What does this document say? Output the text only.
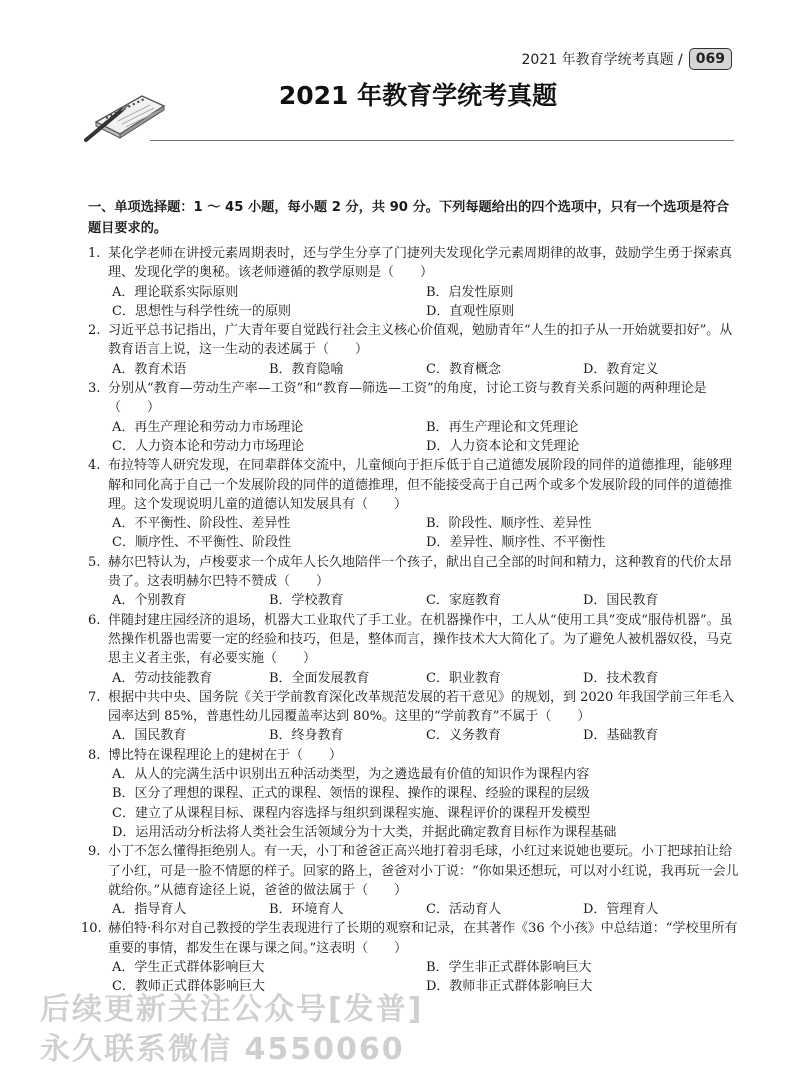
2021 年教育学统考真题 / 069
2021 年教育学统考真题
一、单项选择题：1 ～ 45 小题，每小题 2 分，共 90 分。下列每题给出的四个选项中，只有一个选项是符合题目要求的。
1. 某化学老师在讲授元素周期表时，还与学生分享了门捷列夫发现化学元素周期律的故事，鼓励学生勇于探索真理、发现化学的奥秘。该老师遵循的教学原则是（　　）
A．理论联系实际原则	B．启发性原则
C．思想性与科学性统一的原则	D．直观性原则
2. 习近平总书记指出，广大青年要自觉践行社会主义核心价值观，勉励青年“人生的扣子从一开始就要扣好”。从教育语言上说，这一生动的表述属于（　　）
A．教育术语	B．教育隐喻	C．教育概念	D．教育定义
3. 分别从“教育—劳动生产率—工资”和“教育—筛选—工资”的角度，讨论工资与教育关系问题的两种理论是（　　）
A．再生产理论和劳动力市场理论	B．再生产理论和文凭理论
C．人力资本论和劳动力市场理论	D．人力资本论和文凭理论
4. 布拉特等人研究发现，在同辈群体交流中，儿童倾向于拒斥低于自己道德发展阶段的同伴的道德推理，能够理解和同化高于自己一个发展阶段的同伴的道德推理，但不能接受高于自己两个或多个发展阶段的同伴的道德推理。这个发现说明儿童的道德认知发展具有（　　）
A．不平衡性、阶段性、差异性	B．阶段性、顺序性、差异性
C．顺序性、不平衡性、阶段性	D．差异性、顺序性、不平衡性
5. 赫尔巴特认为，卢梭要求一个成年人长久地陪伴一个孩子，献出自己全部的时间和精力，这种教育的代价太昂贵了。这表明赫尔巴特不赞成（　　）
A．个别教育	B．学校教育	C．家庭教育	D．国民教育
6. 伴随封建庄园经济的退场，机器大工业取代了手工业。在机器操作中，工人从“使用工具”变成“服侍机器”。虽然操作机器也需要一定的经验和技巧，但是，整体而言，操作技术大大简化了。为了避免人被机器奴役，马克思主义者主张，有必要实施（　　）
A．劳动技能教育	B．全面发展教育	C．职业教育	D．技术教育
7. 根据中共中央、国务院《关于学前教育深化改革规范发展的若干意见》的规划，到 2020 年我国学前三年毛入园率达到 85%，普惠性幼儿园覆盖率达到 80%。这里的“学前教育”不属于（　　）
A．国民教育	B．终身教育	C．义务教育	D．基础教育
8. 博比特在课程理论上的建树在于（　　）
A．从人的完满生活中识别出五种活动类型，为之遴选最有价值的知识作为课程内容
B．区分了理想的课程、正式的课程、领悟的课程、操作的课程、经验的课程的层级
C．建立了从课程目标、课程内容选择与组织到课程实施、课程评价的课程开发模型
D．运用活动分析法将人类社会生活领域分为十大类，并据此确定教育目标作为课程基础
9. 小丁不怎么懂得拒绝别人。有一天，小丁和爸爸正高兴地打着羽毛球，小红过来说她也要玩。小丁把球拍让给了小红，可是一脸不情愿的样子。回家的路上，爸爸对小丁说：“你如果还想玩，可以对小红说，我再玩一会儿就给你。”从德育途径上说，爸爸的做法属于（　　）
A．指导育人	B．环境育人	C．活动育人	D．管理育人
10. 赫伯特·科尔对自己教授的学生表现进行了长期的观察和记录，在其著作《36 个小孩》中总结道：“学校里所有重要的事情，都发生在课与课之间。”这表明（　　）
A．学生正式群体影响巨大	B．学生非正式群体影响巨大
C．教师正式群体影响巨大	D．教师非正式群体影响巨大
后续更新关注公众号[发普]
永久联系微信 4550060
